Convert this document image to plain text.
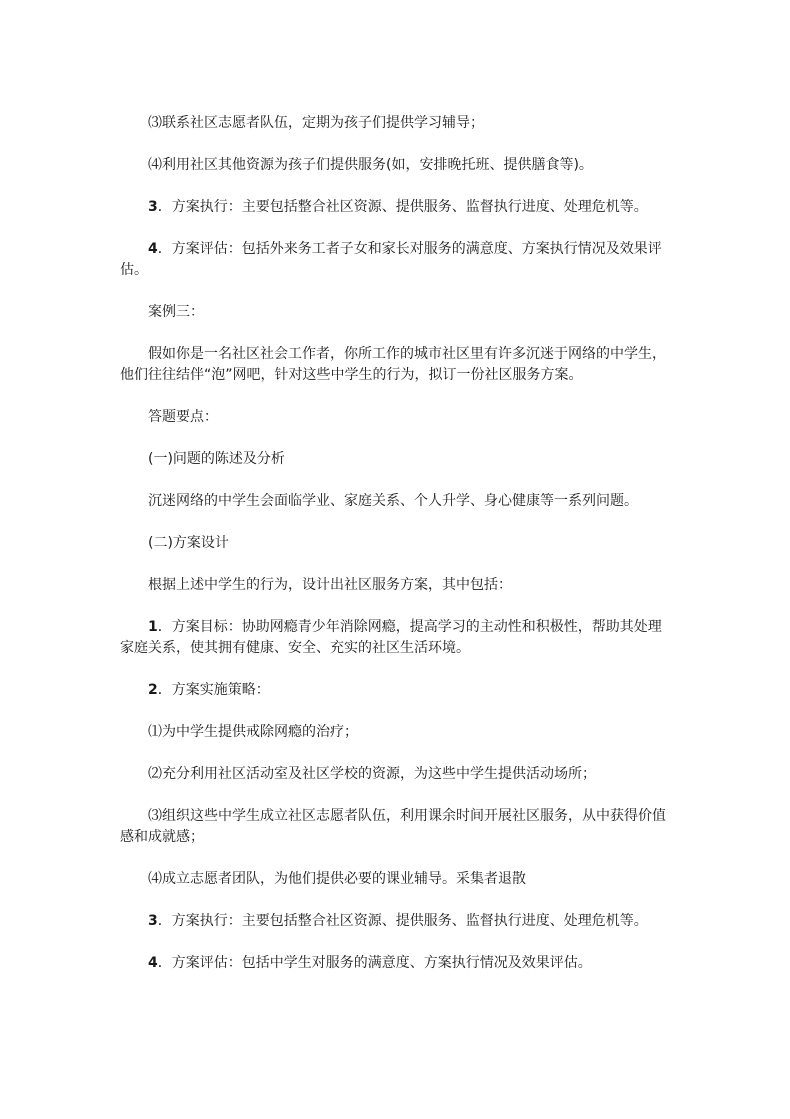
⑶联系社区志愿者队伍，定期为孩子们提供学习辅导；

⑷利用社区其他资源为孩子们提供服务(如，安排晚托班、提供膳食等)。

3．方案执行：主要包括整合社区资源、提供服务、监督执行进度、处理危机等。

4．方案评估：包括外来务工者子女和家长对服务的满意度、方案执行情况及效果评估。

案例三：

假如你是一名社区社会工作者，你所工作的城市社区里有许多沉迷于网络的中学生，他们往往结伴“泡”网吧，针对这些中学生的行为，拟订一份社区服务方案。

答题要点：

(一)问题的陈述及分析

沉迷网络的中学生会面临学业、家庭关系、个人升学、身心健康等一系列问题。

(二)方案设计

根据上述中学生的行为，设计出社区服务方案，其中包括：

1．方案目标：协助网瘾青少年消除网瘾，提高学习的主动性和积极性，帮助其处理家庭关系，使其拥有健康、安全、充实的社区生活环境。

2．方案实施策略：

⑴为中学生提供戒除网瘾的治疗；

⑵充分利用社区活动室及社区学校的资源，为这些中学生提供活动场所；

⑶组织这些中学生成立社区志愿者队伍，利用课余时间开展社区服务，从中获得价值感和成就感；

⑷成立志愿者团队，为他们提供必要的课业辅导。采集者退散

3．方案执行：主要包括整合社区资源、提供服务、监督执行进度、处理危机等。

4．方案评估：包括中学生对服务的满意度、方案执行情况及效果评估。
